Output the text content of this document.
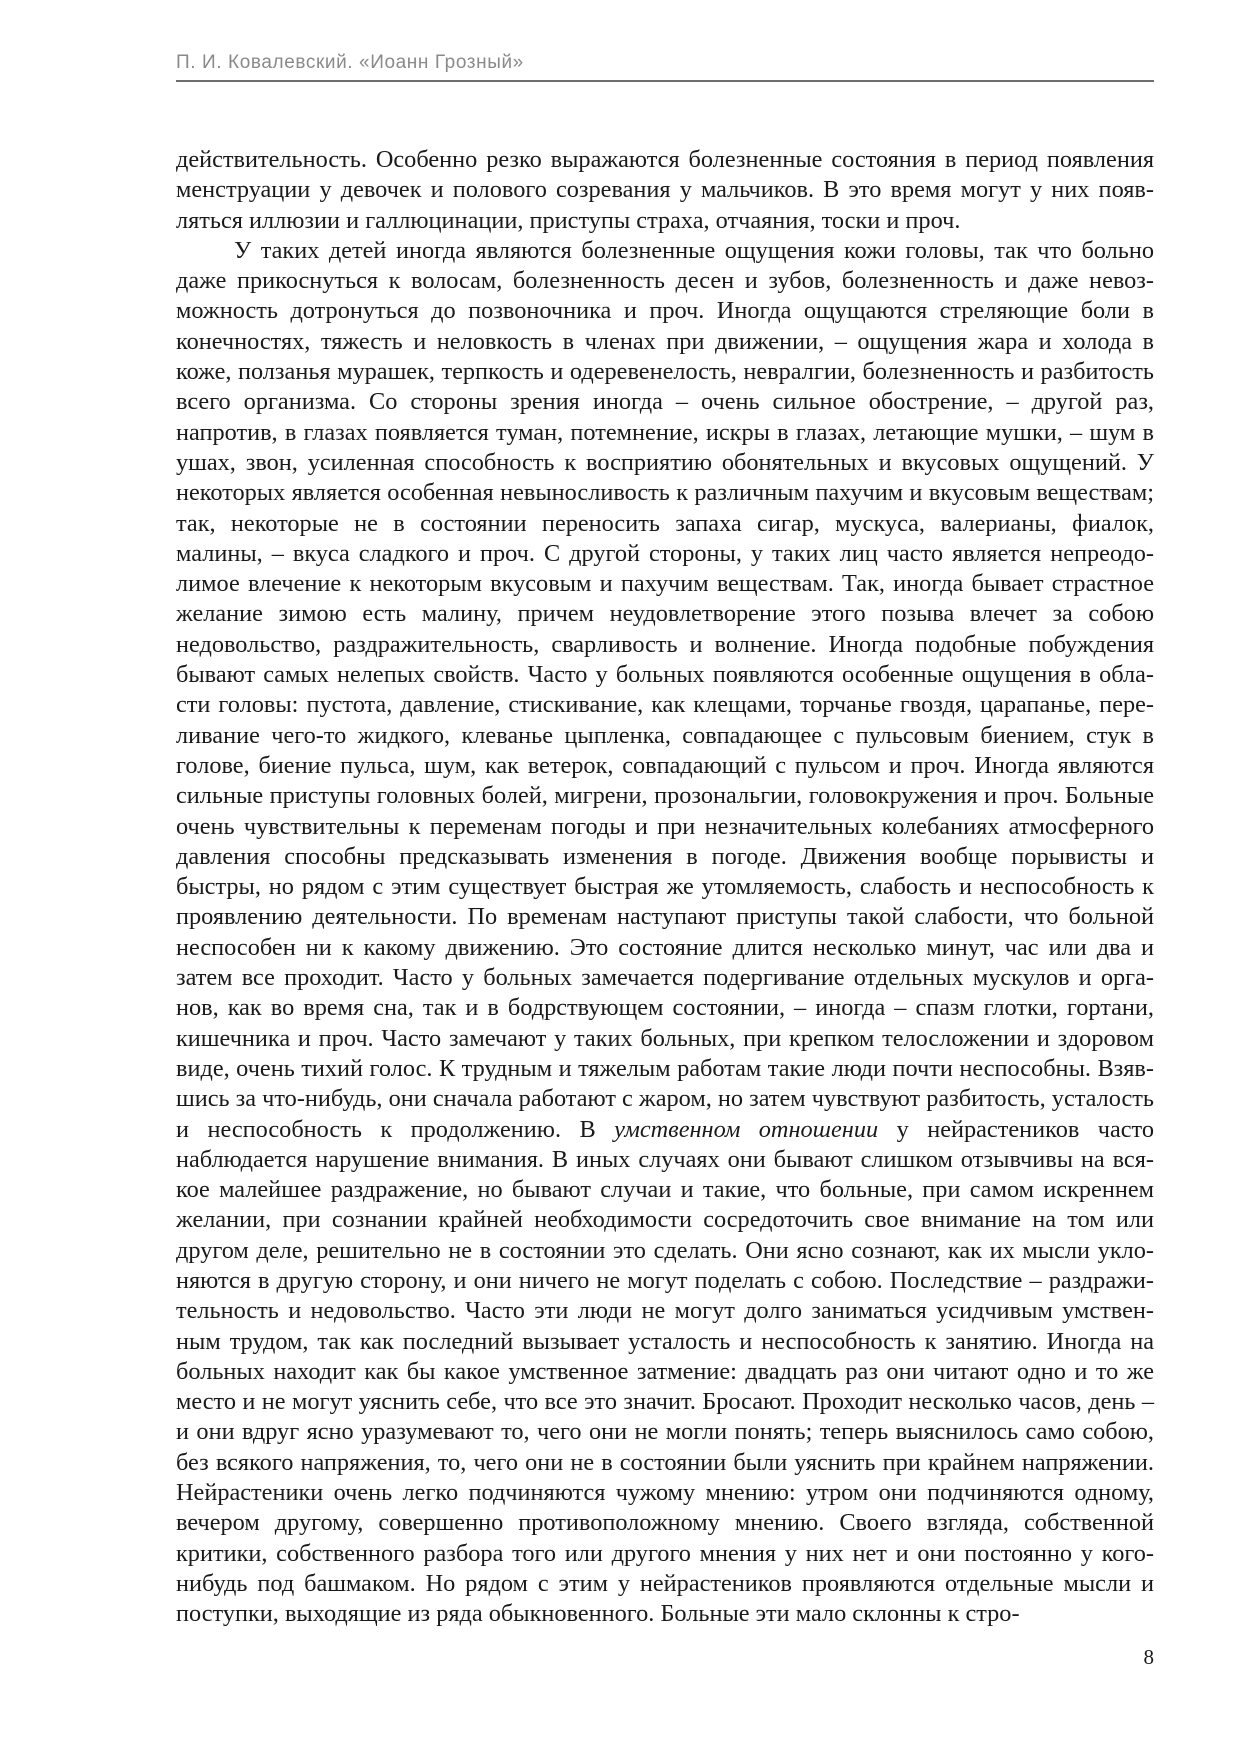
П. И. Ковалевский. «Иоанн Грозный»

действительность. Особенно резко выражаются болезненные состояния в период появления менструации у девочек и полового созревания у мальчиков. В это время могут у них появляться иллюзии и галлюцинации, приступы страха, отчаяния, тоски и проч.

У таких детей иногда являются болезненные ощущения кожи головы, так что больно даже прикоснуться к волосам, болезненность десен и зубов, болезненность и даже невозможность дотронуться до позвоночника и проч. Иногда ощущаются стреляющие боли в конечностях, тяжесть и неловкость в членах при движении, – ощущения жара и холода в коже, ползанья мурашек, терпкость и одеревенелость, невралгии, болезненность и разбитость всего организма. Со стороны зрения иногда – очень сильное обострение, – другой раз, напротив, в глазах появляется туман, потемнение, искры в глазах, летающие мушки, – шум в ушах, звон, усиленная способность к восприятию обонятельных и вкусовых ощущений. У некоторых является особенная невыносливость к различным пахучим и вкусовым веществам; так, некоторые не в состоянии переносить запаха сигар, мускуса, валерианы, фиалок, малины, – вкуса сладкого и проч. С другой стороны, у таких лиц часто является непреодолимое влечение к некоторым вкусовым и пахучим веществам. Так, иногда бывает страстное желание зимою есть малину, причем неудовлетворение этого позыва влечет за собою недовольство, раздражительность, сварливость и волнение. Иногда подобные побуждения бывают самых нелепых свойств. Часто у больных появляются особенные ощущения в области головы: пустота, давление, стискивание, как клещами, торчанье гвоздя, царапанье, переливание чего-то жидкого, клеванье цыпленка, совпадающее с пульсовым биением, стук в голове, биение пульса, шум, как ветерок, совпадающий с пульсом и проч. Иногда являются сильные приступы головных болей, мигрени, прозональгии, головокружения и проч. Больные очень чувствительны к переменам погоды и при незначительных колебаниях атмосферного давления способны предсказывать изменения в погоде. Движения вообще порывисты и быстры, но рядом с этим существует быстрая же утомляемость, слабость и неспособность к проявлению деятельности. По временам наступают приступы такой слабости, что больной неспособен ни к какому движению. Это состояние длится несколько минут, час или два и затем все проходит. Часто у больных замечается подергивание отдельных мускулов и органов, как во время сна, так и в бодрствующем состоянии, – иногда – спазм глотки, гортани, кишечника и проч. Часто замечают у таких больных, при крепком телосложении и здоровом виде, очень тихий голос. К трудным и тяжелым работам такие люди почти неспособны. Взявшись за что-нибудь, они сначала работают с жаром, но затем чувствуют разбитость, усталость и неспособность к продолжению. В умственном отношении у нейрастеников часто наблюдается нарушение внимания. В иных случаях они бывают слишком отзывчивы на всякое малейшее раздражение, но бывают случаи и такие, что больные, при самом искреннем желании, при сознании крайней необходимости сосредоточить свое внимание на том или другом деле, решительно не в состоянии это сделать. Они ясно сознают, как их мысли уклоняются в другую сторону, и они ничего не могут поделать с собою. Последствие – раздражительность и недовольство. Часто эти люди не могут долго заниматься усидчивым умственным трудом, так как последний вызывает усталость и неспособность к занятию. Иногда на больных находит как бы какое умственное затмение: двадцать раз они читают одно и то же место и не могут уяснить себе, что все это значит. Бросают. Проходит несколько часов, день – и они вдруг ясно уразумевают то, чего они не могли понять; теперь выяснилось само собою, без всякого напряжения, то, чего они не в состоянии были уяснить при крайнем напряжении. Нейрастеники очень легко подчиняются чужому мнению: утром они подчиняются одному, вечером другому, совершенно противоположному мнению. Своего взгляда, собственной критики, собственного разбора того или другого мнения у них нет и они постоянно у кого-нибудь под башмаком. Но рядом с этим у нейрастеников проявляются отдельные мысли и поступки, выходящие из ряда обыкновенного. Больные эти мало склонны к стро-

8
